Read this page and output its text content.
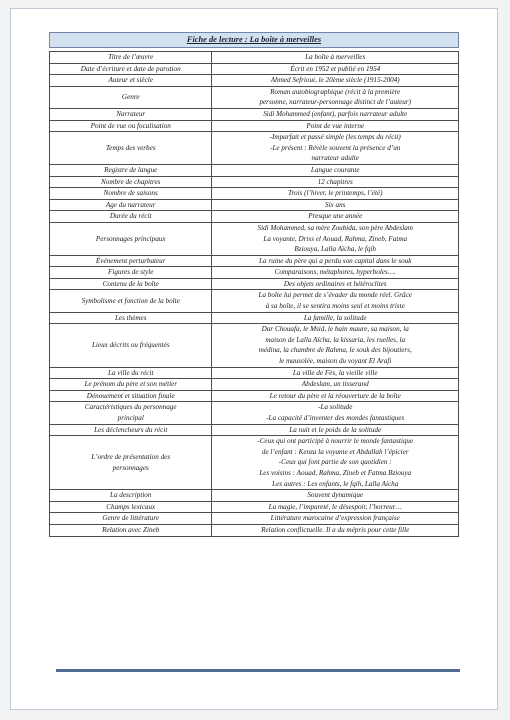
Fiche de lecture : La boîte à merveilles
Titre de l’œuvre	La boîte à merveilles

Date d’écriture et date de parution	Écrit en 1952 et publié en 1954

Auteur et siècle	Ahmed Sefrioui, le 20ème siècle (1915-2004)

Genre	Roman autobiographique (récit à la première
personne, narrateur-personnage distinct de l’auteur)

Narrateur	Sidi Mohammed (enfant), parfois narrateur adulte

Point de vue ou focalisation	Point de vue interne

Temps des verbes	-Imparfait et passé simple (les temps du récit)
-Le présent : Révèle souvent la présence d’un
narrateur adulte

Registre de langue	Langue courante

Nombre de chapitres	12 chapitres

Nombre de saisons	Trois (l’hiver, le printemps, l’été)

Age du narrateur	Six ans

Durée du récit	Presque une année

Personnages principaux	Sidi Mohammed, sa mère Zoubida, son père Abdeslam
La voyante, Driss el Aouad, Rahma, Zineb, Fatma
Bziouya, Lalla Aïcha, le fqih

Événement perturbateur	La ruine du père qui a perdu son capital dans le souk

Figures de style	Comparaisons, métaphores, hyperboles….

Contenu de la boîte	Des objets ordinaires et hétéroclites

Symbolisme et fonction de la boîte	La boîte lui permet de s’évader du monde réel. Grâce
à sa boîte, il se sentira moins seul et moins triste

Les thèmes	La famille, la solitude

Lieux décrits ou fréquentés	Dar Chouafa, le Msid, le bain maure, sa maison, la
maison de Lalla Aïcha, la kissaria, les ruelles, la
médina, la chambre de Rahma, le souk des bijoutiers,
le mausolée, maison du voyant El Arafi

La ville du récit	La ville de Fès, la vieille ville

Le prénom du père et son métier	Abdeslam, un tisserand

Dénouement et situation finale	Le retour du père et la réouverture de la boîte

Caractéristiques du personnage
principal	-La solitude
-La capacité d’inventer des mondes fantastiques

Les déclencheurs du récit	La nuit et le poids de la solitude

L’ordre de présentation des
personnages	-Ceux qui ont participé à nourrir le monde fantastique
de l’enfant : Kenza la voyante et Abdallah l’épicier
-Ceux qui font partie de son quotidien :
Les voisins : Aouad, Rahma, Zineb et Fatma Bziouya
Les autres : Les enfants, le fqih, Lalla Aicha

La description	Souvent dynamique

Champs lexicaux	La magie, l’impureté, le désespoir, l’horreur…

Genre de littérature	Littérature marocaine d’expression française

Relation avec Zineb	Relation conflictuelle. Il a du mépris pour cette fille
